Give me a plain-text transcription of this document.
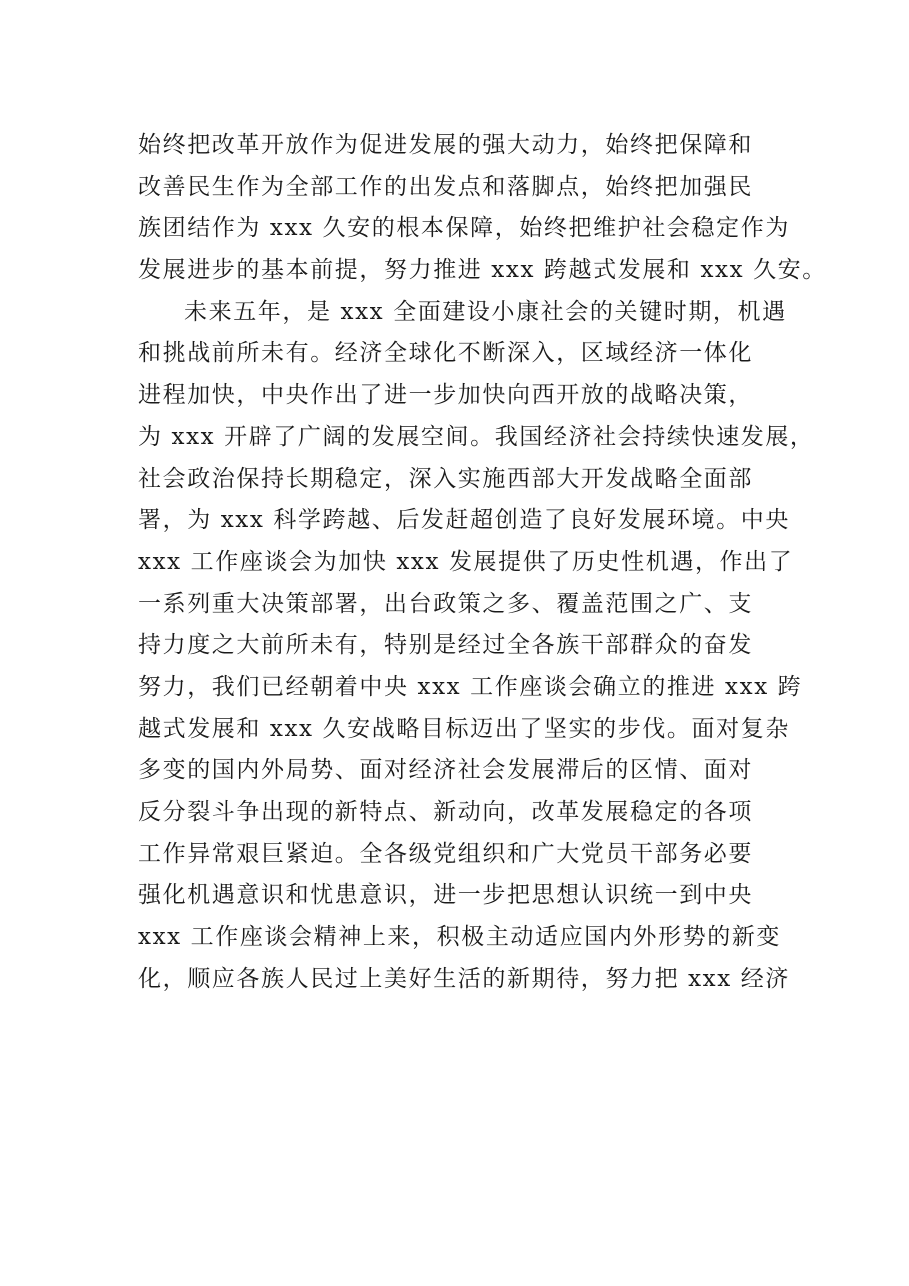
始终把改革开放作为促进发展的强大动力，始终把保障和
改善民生作为全部工作的出发点和落脚点，始终把加强民
族团结作为 xxx 久安的根本保障，始终把维护社会稳定作为
发展进步的基本前提，努力推进 xxx 跨越式发展和 xxx 久安。
未来五年，是 xxx 全面建设小康社会的关键时期，机遇
和挑战前所未有。经济全球化不断深入，区域经济一体化
进程加快，中央作出了进一步加快向西开放的战略决策，
为 xxx 开辟了广阔的发展空间。我国经济社会持续快速发展，
社会政治保持长期稳定，深入实施西部大开发战略全面部
署，为 xxx 科学跨越、后发赶超创造了良好发展环境。中央
xxx 工作座谈会为加快 xxx 发展提供了历史性机遇，作出了
一系列重大决策部署，出台政策之多、覆盖范围之广、支
持力度之大前所未有，特别是经过全各族干部群众的奋发
努力，我们已经朝着中央 xxx 工作座谈会确立的推进 xxx 跨
越式发展和 xxx 久安战略目标迈出了坚实的步伐。面对复杂
多变的国内外局势、面对经济社会发展滞后的区情、面对
反分裂斗争出现的新特点、新动向，改革发展稳定的各项
工作异常艰巨紧迫。全各级党组织和广大党员干部务必要
强化机遇意识和忧患意识，进一步把思想认识统一到中央
xxx 工作座谈会精神上来，积极主动适应国内外形势的新变
化，顺应各族人民过上美好生活的新期待，努力把 xxx 经济
